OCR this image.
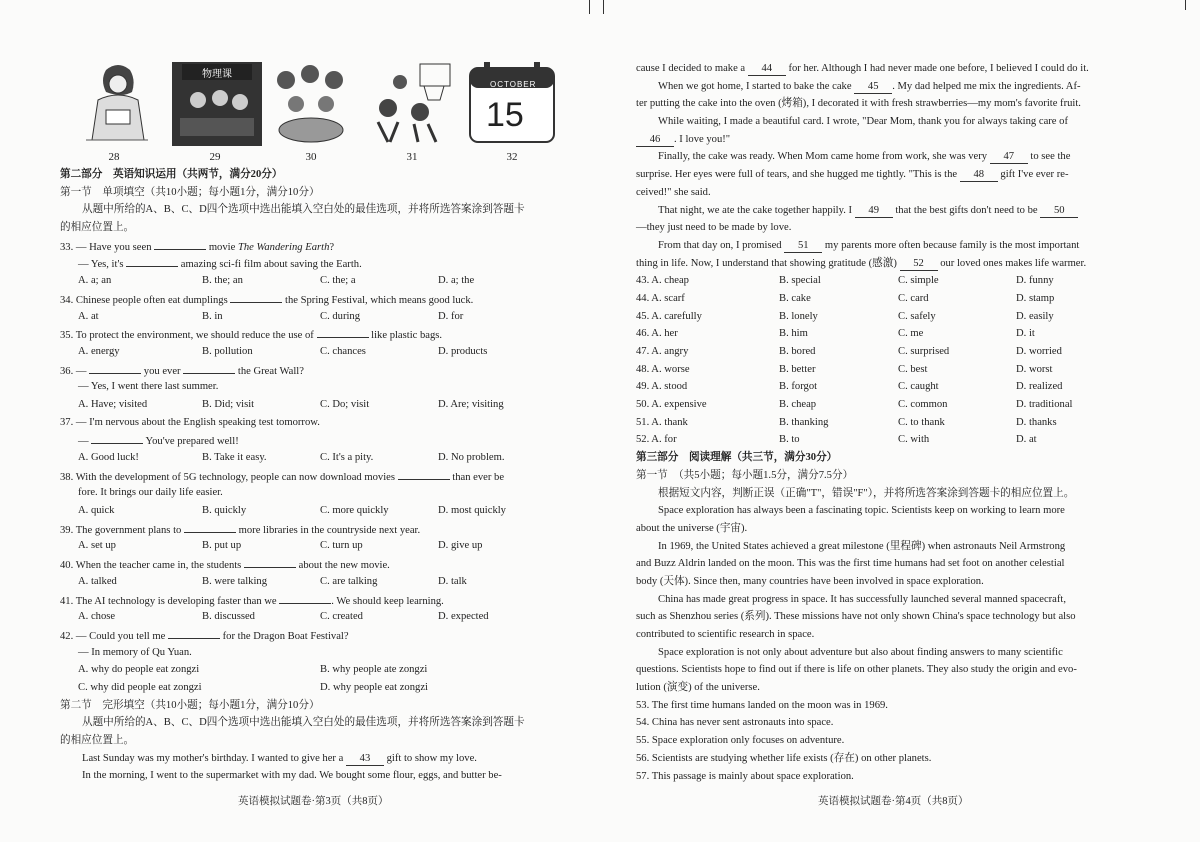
物理课
OCTOBER
15
28	29	30	31	32
第二部分　英语知识运用（共两节，满分20分）
第一节　单项填空（共10小题；每小题1分，满分10分）
从题中所给的A、B、C、D四个选项中选出能填入空白处的最佳选项，并将所选答案涂到答题卡
的相应位置上。
33. — Have you seen	movie The Wandering Earth?
— Yes, it's	amazing sci-fi film about saving the Earth.
A. a; an	B. the; an	C. the; a	D. a; the
34. Chinese people often eat dumplings	the Spring Festival, which means good luck.
A. at	B. in	C. during	D. for
35. To protect the environment, we should reduce the use of	like plastic bags.
A. energy	B. pollution	C. chances	D. products
36. —	you ever	the Great Wall?
— Yes, I went there last summer.
A. Have; visited	B. Did; visit	C. Do; visit	D. Are; visiting
37. — I'm nervous about the English speaking test tomorrow.
—	You've prepared well!
A. Good luck!	B. Take it easy.	C. It's a pity.	D. No problem.
38. With the development of 5G technology, people can now download movies	than ever be
fore. It brings our daily life easier.
A. quick	B. quickly	C. more quickly	D. most quickly
39. The government plans to	more libraries in the countryside next year.
A. set up	B. put up	C. turn up	D. give up
40. When the teacher came in, the students	about the new movie.
A. talked	B. were talking	C. are talking	D. talk
41. The AI technology is developing faster than we	. We should keep learning.
A. chose	B. discussed	C. created	D. expected
42. — Could you tell me	for the Dragon Boat Festival?
— In memory of Qu Yuan.
A. why do people eat zongzi	B. why people ate zongzi
C. why did people eat zongzi	D. why people eat zongzi
第二节　完形填空（共10小题；每小题1分，满分10分）
从题中所给的A、B、C、D四个选项中选出能填入空白处的最佳选项，并将所选答案涂到答题卡
的相应位置上。
Last Sunday was my mother's birthday. I wanted to give her a 43 gift to show my love.
In the morning, I went to the supermarket with my dad. We bought some flour, eggs, and butter be-
英语模拟试题卷·第3页（共8页）
cause I decided to make a 44 for her. Although I had never made one before, I believed I could do it.
When we got home, I started to bake the cake 45 . My dad helped me mix the ingredients. Af-
ter putting the cake into the oven (烤箱), I decorated it with fresh strawberries—my mom's favorite fruit.
While waiting, I made a beautiful card. I wrote, "Dear Mom, thank you for always taking care of
46 . I love you!"
Finally, the cake was ready. When Mom came home from work, she was very 47 to see the
surprise. Her eyes were full of tears, and she hugged me tightly. "This is the 48 gift I've ever re-
ceived!" she said.
That night, we ate the cake together happily. I 49 that the best gifts don't need to be 50
—they just need to be made by love.
From that day on, I promised 51 my parents more often because family is the most important
thing in life. Now, I understand that showing gratitude (感激) 52 our loved ones makes life warmer.
43. A. cheap	B. special	C. simple	D. funny
44. A. scarf	B. cake	C. card	D. stamp
45. A. carefully	B. lonely	C. safely	D. easily
46. A. her	B. him	C. me	D. it
47. A. angry	B. bored	C. surprised	D. worried
48. A. worse	B. better	C. best	D. worst
49. A. stood	B. forgot	C. caught	D. realized
50. A. expensive	B. cheap	C. common	D. traditional
51. A. thank	B. thanking	C. to thank	D. thanks
52. A. for	B. to	C. with	D. at
第三部分　阅读理解（共三节，满分30分）
第一节　（共5小题；每小题1.5分，满分7.5分）
根据短文内容，判断正误（正确"T"，错误"F"），并将所选答案涂到答题卡的相应位置上。
Space exploration has always been a fascinating topic. Scientists keep on working to learn more
about the universe (宇宙).
In 1969, the United States achieved a great milestone (里程碑) when astronauts Neil Armstrong
and Buzz Aldrin landed on the moon. This was the first time humans had set foot on another celestial
body (天体). Since then, many countries have been involved in space exploration.
China has made great progress in space. It has successfully launched several manned spacecraft,
such as Shenzhou series (系列). These missions have not only shown China's space technology but also
contributed to scientific research in space.
Space exploration is not only about adventure but also about finding answers to many scientific
questions. Scientists hope to find out if there is life on other planets. They also study the origin and evo-
lution (演变) of the universe.
53. The first time humans landed on the moon was in 1969.
54. China has never sent astronauts into space.
55. Space exploration only focuses on adventure.
56. Scientists are studying whether life exists (存在) on other planets.
57. This passage is mainly about space exploration.
英语模拟试题卷·第4页（共8页）
